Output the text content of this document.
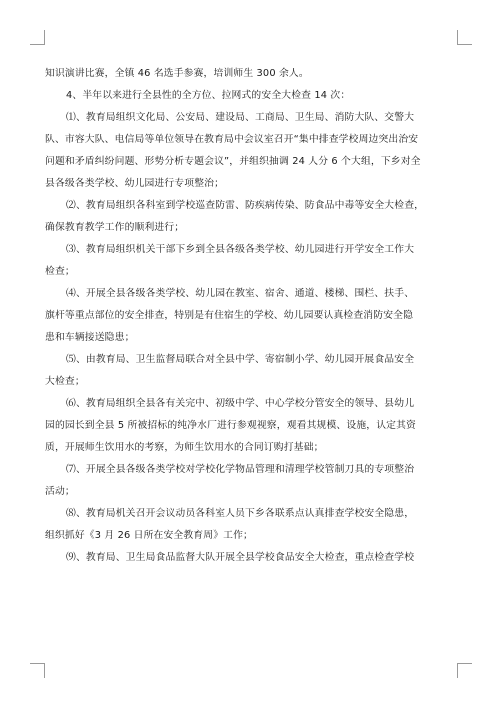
知识演讲比赛，全镇 46 名选手参赛，培训师生 300 余人。
4、半年以来进行全县性的全方位、拉网式的安全大检查 14 次：
⑴、教育局组织文化局、公安局、建设局、工商局、卫生局、消防大队、交警大
队、市容大队、电信局等单位领导在教育局中会议室召开“集中排查学校周边突出治安
问题和矛盾纠纷问题、形势分析专题会议”，并组织抽调 24 人分 6 个大组，下乡对全
县各级各类学校、幼儿园进行专项整治；
⑵、教育局组织各科室到学校巡查防雷、防疾病传染、防食品中毒等安全大检查，
确保教育教学工作的顺利进行；
⑶、教育局组织机关干部下乡到全县各级各类学校、幼儿园进行开学安全工作大
检查；
⑷、开展全县各级各类学校、幼儿园在教室、宿舍、通道、楼梯、围栏、扶手、
旗杆等重点部位的安全排查，特别是有住宿生的学校、幼儿园要认真检查消防安全隐
患和车辆接送隐患；
⑸、由教育局、卫生监督局联合对全县中学、寄宿制小学、幼儿园开展食品安全
大检查；
⑹、教育局组织全县各有关完中、初级中学、中心学校分管安全的领导、县幼儿
园的园长到全县 5 所被招标的纯净水厂进行参观视察，观看其规模、设施，认定其资
质，开展师生饮用水的考察，为师生饮用水的合同订购打基础；
⑺、开展全县各级各类学校对学校化学物品管理和清理学校管制刀具的专项整治
活动；
⑻、教育局机关召开会议动员各科室人员下乡各联系点认真排查学校安全隐患，
组织抓好《3 月 26 日所在安全教育周》工作；
⑼、教育局、卫生局食品监督大队开展全县学校食品安全大检查，重点检查学校
